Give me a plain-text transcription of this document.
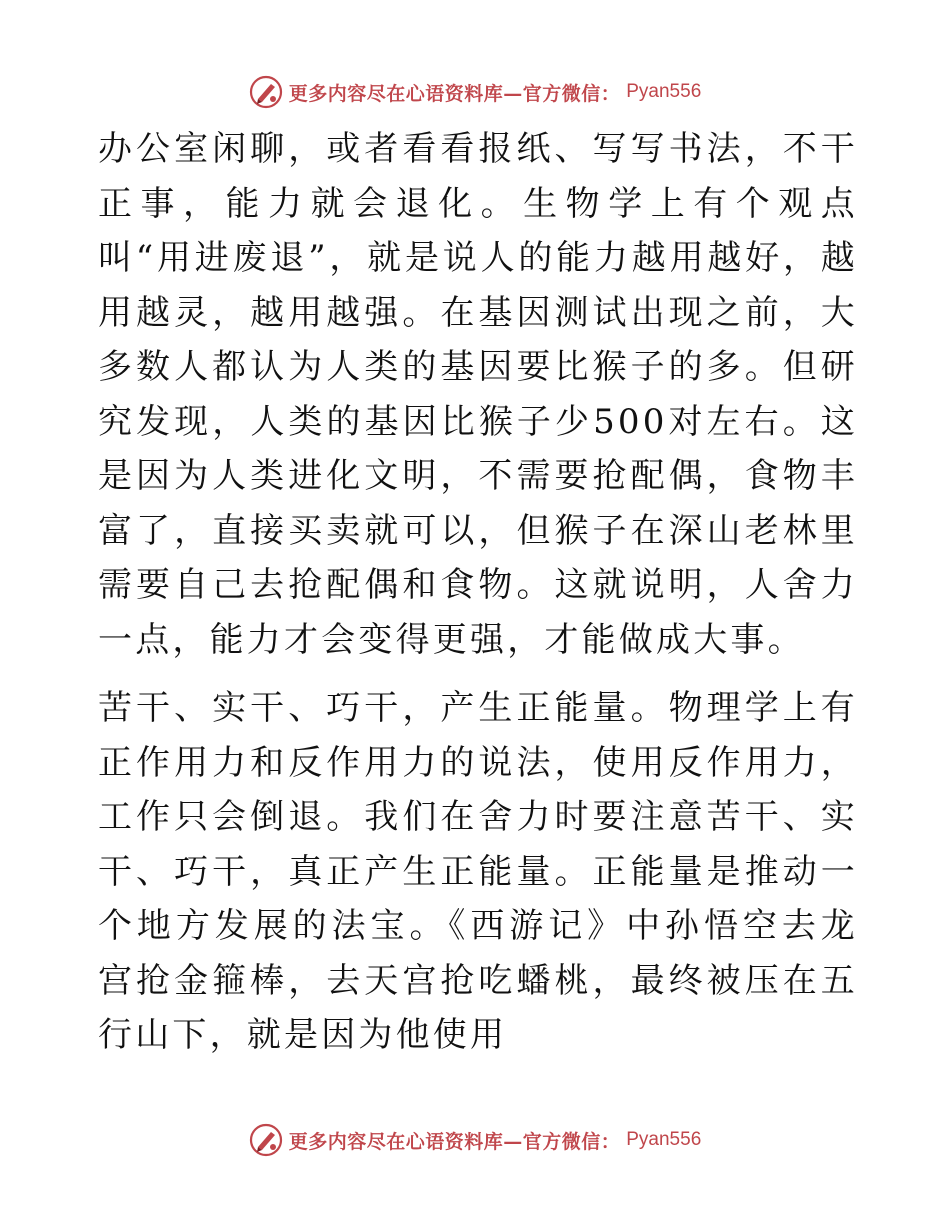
更多内容尽在心语资料库—官方微信： Pyan556

办公室闲聊，或者看看报纸、写写书法，不干正事，能力就会退化。生物学上有个观点叫“用进废退”，就是说人的能力越用越好，越用越灵，越用越强。在基因测试出现之前，大多数人都认为人类的基因要比猴子的多。但研究发现，人类的基因比猴子少500对左右。这是因为人类进化文明，不需要抢配偶，食物丰富了，直接买卖就可以，但猴子在深山老林里需要自己去抢配偶和食物。这就说明，人舍力一点，能力才会变得更强，才能做成大事。

苦干、实干、巧干，产生正能量。物理学上有正作用力和反作用力的说法，使用反作用力，工作只会倒退。我们在舍力时要注意苦干、实干、巧干，真正产生正能量。正能量是推动一个地方发展的法宝。《西游记》中孙悟空去龙宫抢金箍棒，去天宫抢吃蟠桃，最终被压在五行山下，就是因为他使用

更多内容尽在心语资料库—官方微信： Pyan556
